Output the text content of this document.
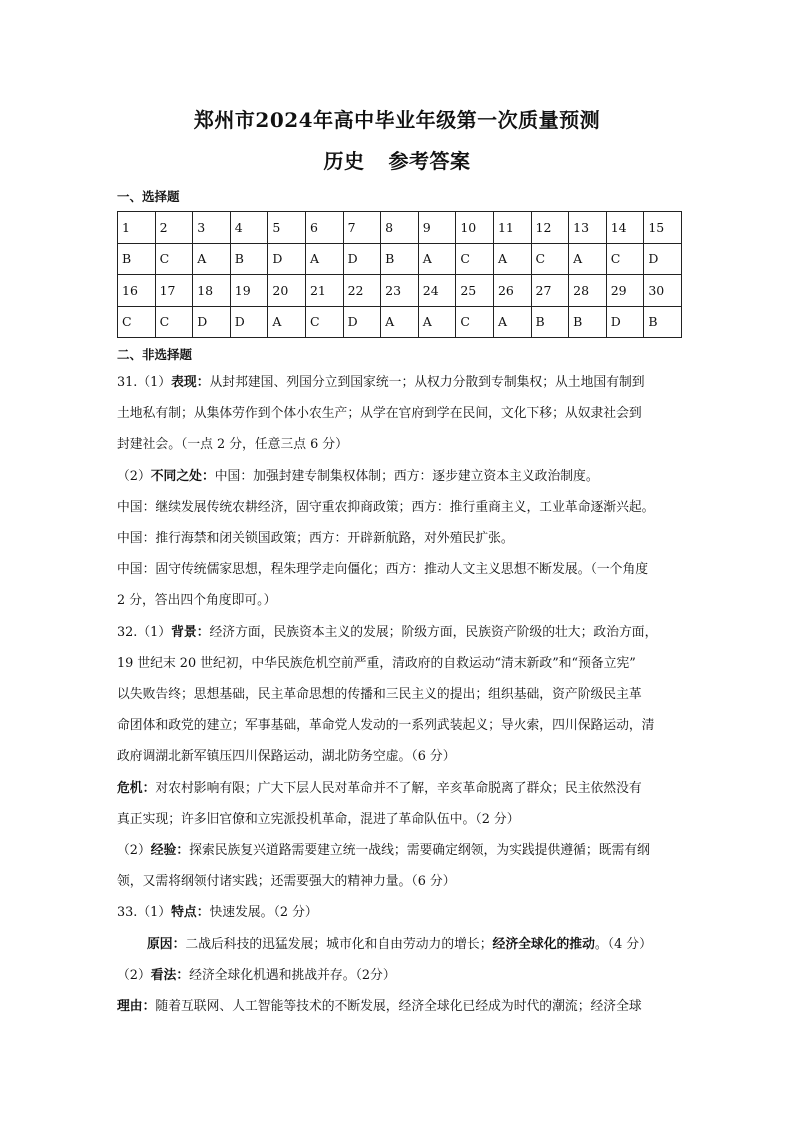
郑州市2024年高中毕业年级第一次质量预测
历史 参考答案
一、选择题
1	2	3	4	5	6	7	8	9	10	11	12	13	14	15
B	C	A	B	D	A	D	B	A	C	A	C	A	C	D
16	17	18	19	20	21	22	23	24	25	26	27	28	29	30
C	C	D	D	A	C	D	A	A	C	A	B	B	D	B
二、非选择题

31.（1）表现：从封邦建国、列国分立到国家统一；从权力分散到专制集权；从土地国有制到

土地私有制；从集体劳作到个体小农生产；从学在官府到学在民间，文化下移；从奴隶社会到

封建社会。（一点 2 分，任意三点 6 分）

（2）不同之处：中国：加强封建专制集权体制；西方：逐步建立资本主义政治制度。

中国：继续发展传统农耕经济，固守重农抑商政策；西方：推行重商主义，工业革命逐渐兴起。

中国：推行海禁和闭关锁国政策；西方：开辟新航路，对外殖民扩张。

中国：固守传统儒家思想，程朱理学走向僵化；西方：推动人文主义思想不断发展。（一个角度

2 分，答出四个角度即可。）

32.（1）背景：经济方面，民族资本主义的发展；阶级方面，民族资产阶级的壮大；政治方面，

19 世纪末 20 世纪初，中华民族危机空前严重，清政府的自救运动“清末新政”和“预备立宪”

以失败告终；思想基础，民主革命思想的传播和三民主义的提出；组织基础，资产阶级民主革

命团体和政党的建立；军事基础，革命党人发动的一系列武装起义；导火索，四川保路运动，清

政府调湖北新军镇压四川保路运动，湖北防务空虚。（6 分）

危机：对农村影响有限；广大下层人民对革命并不了解，辛亥革命脱离了群众；民主依然没有

真正实现；许多旧官僚和立宪派投机革命，混进了革命队伍中。（2 分）

（2）经验：探索民族复兴道路需要建立统一战线；需要确定纲领，为实践提供遵循；既需有纲

领，又需将纲领付诸实践；还需要强大的精神力量。（6 分）

33.（1）特点：快速发展。（2 分）

原因：二战后科技的迅猛发展；城市化和自由劳动力的增长；经济全球化的推动。（4 分）

（2）看法：经济全球化机遇和挑战并存。（2分）

理由：随着互联网、人工智能等技术的不断发展，经济全球化已经成为时代的潮流；经济全球
